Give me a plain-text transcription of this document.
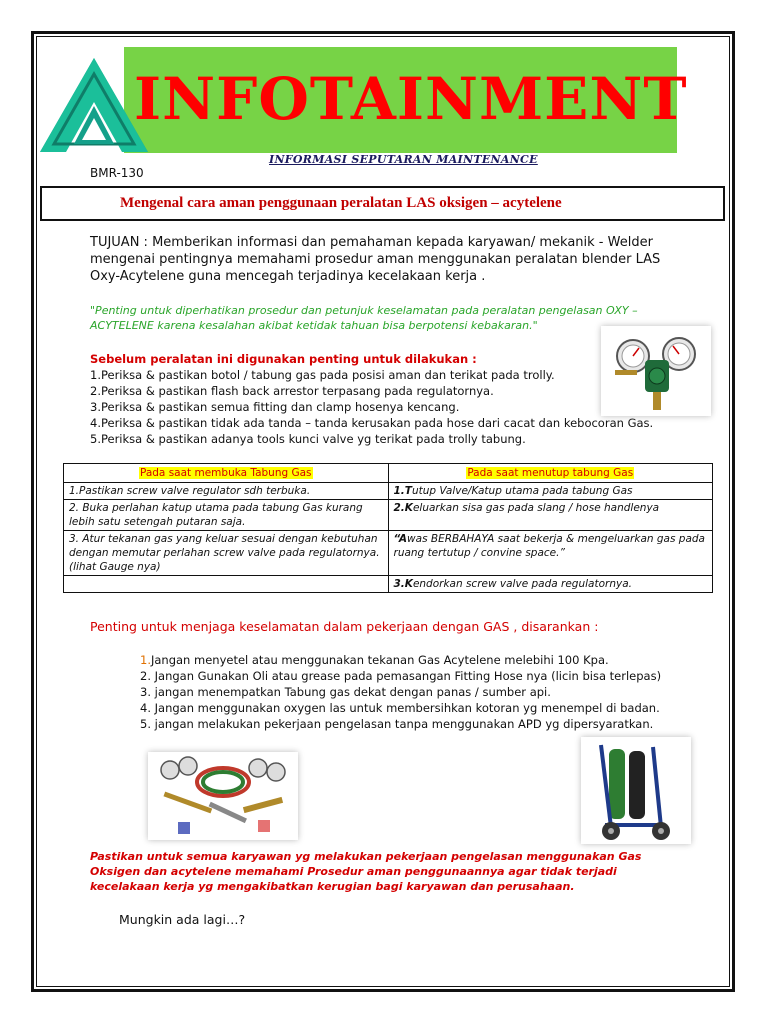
INFOTAINMENT
INFORMASI SEPUTARAN MAINTENANCE
BMR-130
Mengenal cara aman penggunaan peralatan LAS oksigen – acytelene
TUJUAN : Memberikan informasi dan pemahaman kepada karyawan/ mekanik - Welder mengenai pentingnya memahami prosedur aman menggunakan peralatan blender LAS Oxy-Acytelene guna mencegah terjadinya kecelakaan kerja .
"Penting untuk diperhatikan prosedur dan petunjuk keselamatan pada peralatan pengelasan OXY – ACYTELENE karena kesalahan akibat ketidak tahuan bisa berpotensi kebakaran."
Sebelum peralatan ini digunakan penting untuk dilakukan :
1.Periksa & pastikan botol / tabung gas pada posisi aman dan terikat pada trolly.
2.Periksa & pastikan flash back arrestor terpasang pada regulatornya.
3.Periksa & pastikan semua fitting dan clamp hosenya kencang.
4.Periksa & pastikan tidak ada tanda – tanda kerusakan pada hose dari cacat dan kebocoran Gas.
5.Periksa & pastikan adanya tools kunci valve yg terikat pada trolly tabung.
Pada saat membuka Tabung Gas	Pada saat menutup tabung Gas
1.Pastikan screw valve regulator sdh terbuka.	1.Tutup Valve/Katup utama pada tabung Gas
2. Buka perlahan katup utama pada tabung Gas kurang lebih satu setengah putaran saja.	2.Keluarkan sisa gas pada slang / hose handlenya
3. Atur tekanan gas yang keluar sesuai dengan kebutuhan dengan memutar perlahan screw valve pada regulatornya.(lihat Gauge nya)	“Awas BERBAHAYA saat bekerja & mengeluarkan gas pada ruang tertutup / convine space.”
	3.Kendorkan screw valve pada regulatornya.
Penting untuk menjaga keselamatan dalam pekerjaan dengan GAS , disarankan :
1.Jangan menyetel atau menggunakan tekanan Gas Acytelene melebihi 100 Kpa.
2. Jangan Gunakan Oli atau grease pada pemasangan Fitting Hose nya (licin bisa terlepas)
3. jangan menempatkan Tabung gas dekat dengan panas / sumber api.
4. Jangan menggunakan oxygen las untuk membersihkan kotoran yg menempel di badan.
5. jangan melakukan pekerjaan pengelasan tanpa menggunakan APD yg dipersyaratkan.
Pastikan untuk semua karyawan yg melakukan pekerjaan pengelasan menggunakan Gas Oksigen dan acytelene memahami Prosedur aman penggunaannya agar tidak terjadi kecelakaan kerja yg mengakibatkan kerugian bagi karyawan dan perusahaan.
Mungkin ada lagi…?
